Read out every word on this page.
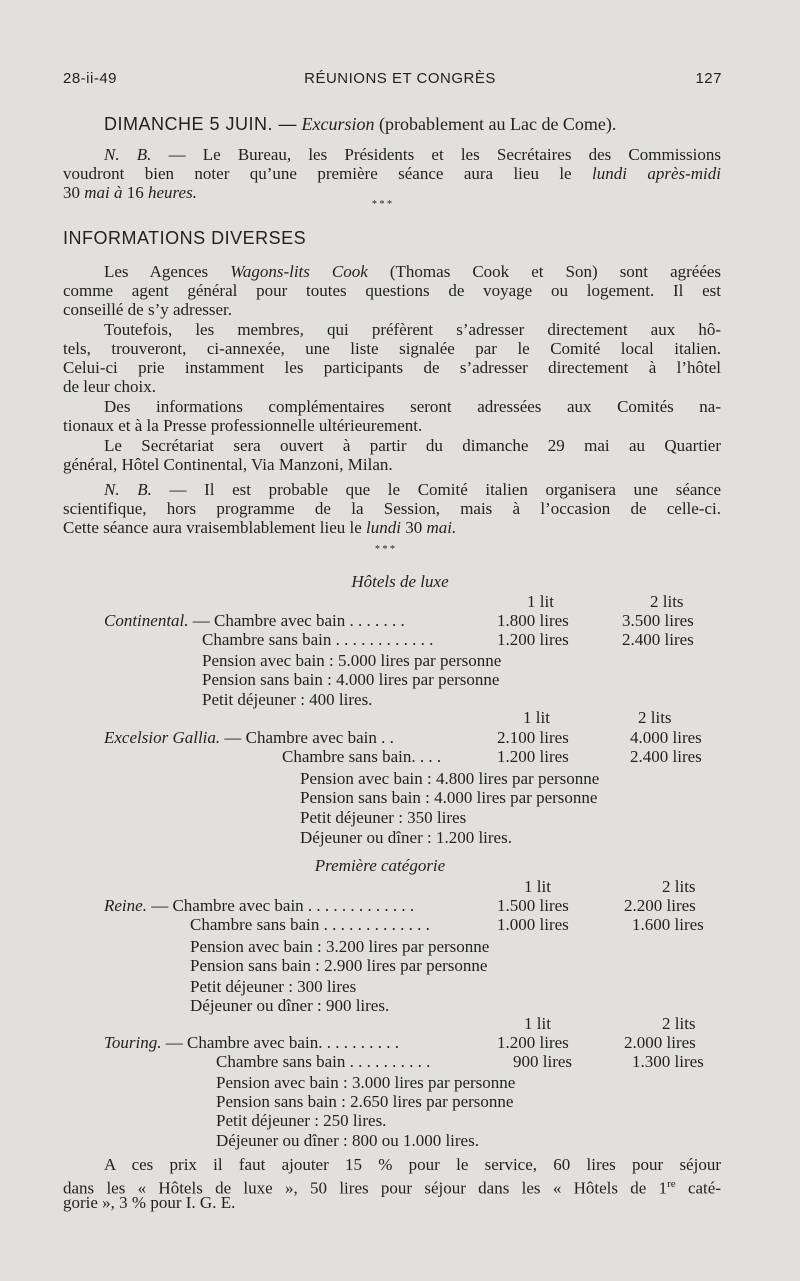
28-ii-49	RÉUNIONS ET CONGRÈS	127
DIMANCHE 5 JUIN. — Excursion (probablement au Lac de Come).
N. B. — Le Bureau, les Présidents et les Secrétaires des Commissions
voudront bien noter qu’une première séance aura lieu le lundi après-midi
30 mai à 16 heures.
* * *
INFORMATIONS DIVERSES
Les Agences Wagons-lits Cook (Thomas Cook et Son) sont agréées
comme agent général pour toutes questions de voyage ou logement. Il est
conseillé de s’y adresser.
Toutefois, les membres, qui préfèrent s’adresser directement aux hô-
tels, trouveront, ci-annexée, une liste signalée par le Comité local italien.
Celui-ci prie instamment les participants de s’adresser directement à l’hôtel
de leur choix.
Des informations complémentaires seront adressées aux Comités na-
tionaux et à la Presse professionnelle ultérieurement.
Le Secrétariat sera ouvert à partir du dimanche 29 mai au Quartier
général, Hôtel Continental, Via Manzoni, Milan.
N. B. — Il est probable que le Comité italien organisera une séance
scientifique, hors programme de la Session, mais à l’occasion de celle-ci.
Cette séance aura vraisemblablement lieu le lundi 30 mai.
* * *
Hôtels de luxe
1 lit	2 lits
Continental. — Chambre avec bain . . . . . . .	1.800 lires	3.500 lires
Chambre sans bain . . . . . . . . . . . .	1.200 lires	2.400 lires
Pension avec bain : 5.000 lires par personne
Pension sans bain : 4.000 lires par personne
Petit déjeuner : 400 lires.
1 lit	2 lits
Excelsior Gallia. — Chambre avec bain . .	2.100 lires	4.000 lires
Chambre sans bain. . . .	1.200 lires	2.400 lires
Pension avec bain : 4.800 lires par personne
Pension sans bain : 4.000 lires par personne
Petit déjeuner : 350 lires
Déjeuner ou dîner : 1.200 lires.
Première catégorie
1 lit	2 lits
Reine. — Chambre avec bain . . . . . . . . . . . . .	1.500 lires	2.200 lires
Chambre sans bain . . . . . . . . . . . . .	1.000 lires	1.600 lires
Pension avec bain : 3.200 lires par personne
Pension sans bain : 2.900 lires par personne
Petit déjeuner : 300 lires
Déjeuner ou dîner : 900 lires.
1 lit	2 lits
Touring. — Chambre avec bain. . . . . . . . . .	1.200 lires	2.000 lires
Chambre sans bain . . . . . . . . . .	900 lires	1.300 lires
Pension avec bain : 3.000 lires par personne
Pension sans bain : 2.650 lires par personne
Petit déjeuner : 250 lires.
Déjeuner ou dîner : 800 ou 1.000 lires.
A ces prix il faut ajouter 15 % pour le service, 60 lires pour séjour
dans les « Hôtels de luxe », 50 lires pour séjour dans les « Hôtels de 1re caté-
gorie », 3 % pour I. G. E.
